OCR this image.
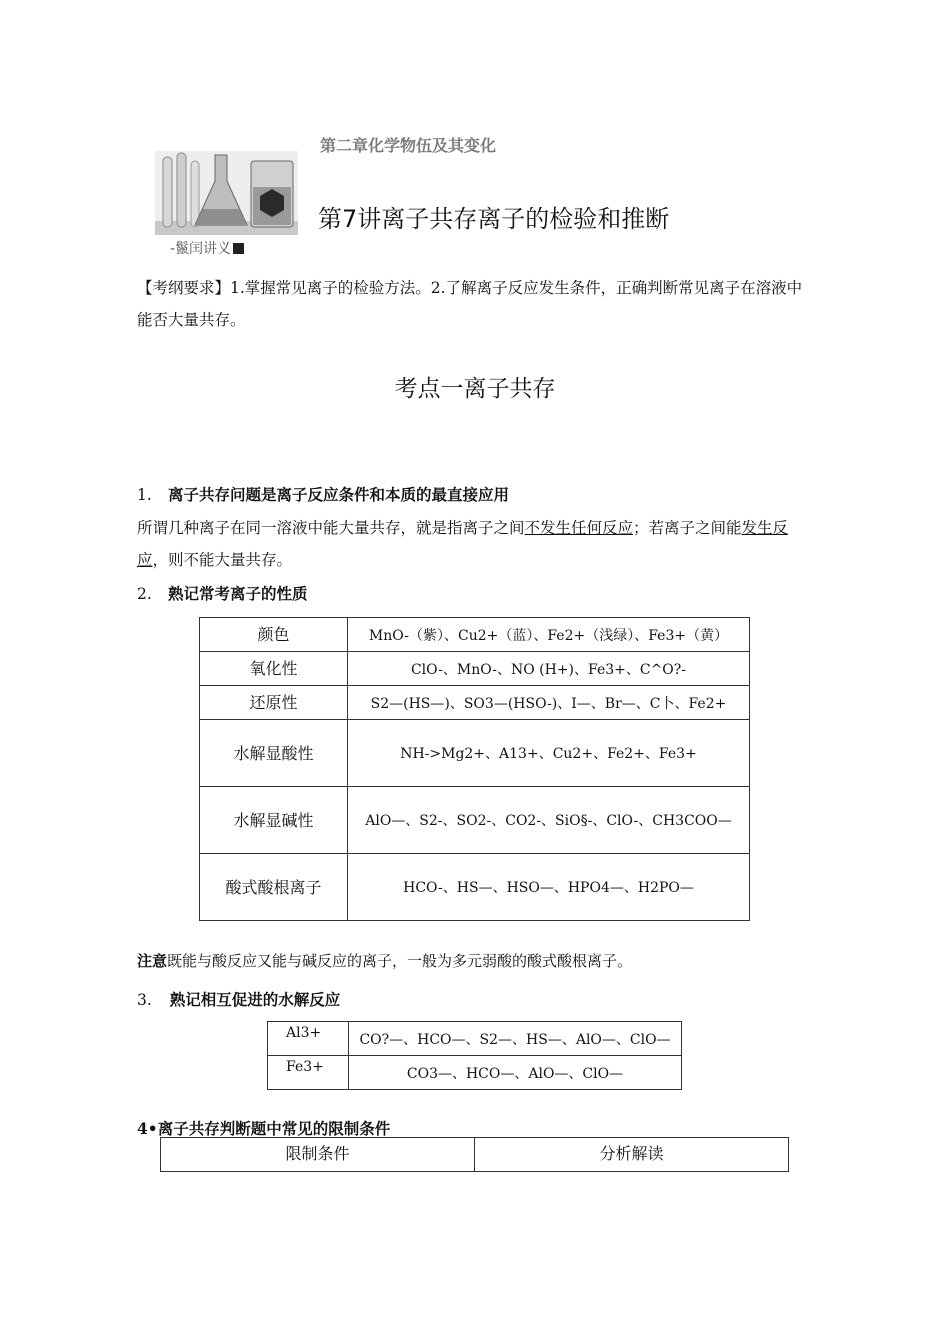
-鬣闰讲义
第二章化学物伍及其变化
第7讲离子共存离子的检验和推断
【考纲要求】1.掌握常见离子的检验方法。2.了解离子反应发生条件，正确判断常见离子在溶液中能否大量共存。
考点一离子共存
1. 离子共存问题是离子反应条件和本质的最直接应用
所谓几种离子在同一溶液中能大量共存，就是指离子之间不发生任何反应；若离子之间能发生反应，则不能大量共存。
2. 熟记常考离子的性质
颜色	MnO-（紫）、Cu2+（蓝）、Fe2+（浅绿）、Fe3+（黄）
氧化性	ClO-、MnO-、NO (H+)、Fe3+、C^O?-
还原性	S2—(HS—)、SO3—(HSO-)、I—、Br—、C卜、Fe2+
水解显酸性	NH->Mg2+、A13+、Cu2+、Fe2+、Fe3+
水解显碱性	AlO—、S2-、SO2-、CO2-、SiO§-、ClO-、CH3COO—
酸式酸根离子	HCO-、HS—、HSO—、HPO4—、H2PO—
注意既能与酸反应又能与碱反应的离子，一般为多元弱酸的酸式酸根离子。
3. 熟记相互促进的水解反应
Al3+	CO?—、HCO—、S2—、HS—、AlO—、ClO—
Fe3+	CO3—、HCO—、AlO—、ClO—
4•离子共存判断题中常见的限制条件
限制条件	分析解读
